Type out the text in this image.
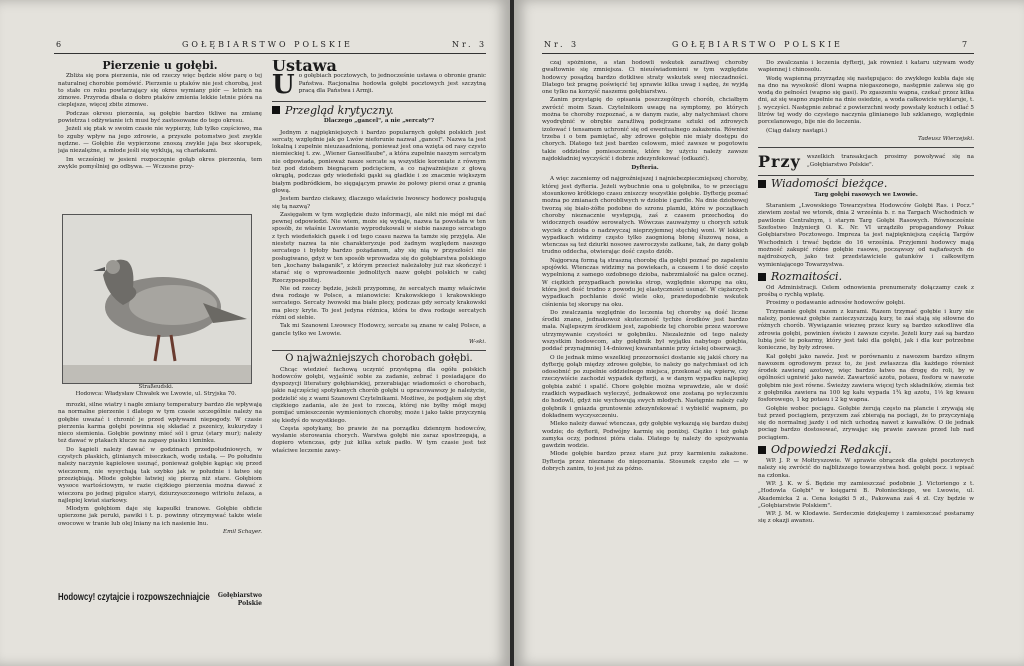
6	GOŁĘBIARSTWO POLSKIE	Nr. 3
Pierzenie u gołębi.

Zbliża się pora pierzenia, nie od rzeczy więc będzie słów parę o tej naturalnej chorobie pomówić. Pierzenie u ptaków nie jest chorobą, jest to stałe co roku powtarzający się okres wymiany piór — letnich na zimowe. Przyroda dbała o dobro ptaków zmienia lekkie letnie pióra na cieplejsze, więcej zbite zimowe.

Podczas okresu pierzenia, są gołębie bardzo tkliwe na zmianę powietrza i odżywianie ich musi być zastosowane do tego okresu.

Jeżeli się ptak w swoim czasie nie wypierzy, lub tylko częściowo, ma to zguby wpływ na jego zdrowie, a przyszłe potomstwo jest zwykle nędzne. — Gołębie źle wypierzone znoszą zwykle jaja bez skorupek, jaja niezalężne, a młode jeśli się wyklują, są charłakami.

Im wcześniej w jesieni rozpoczęnie gołąb okres pierzenia, tem zwykle pomyślniej go odbywa. — Wczesne przy-

Straßeudski.
Hodowca: Władysław Chwałek we Lwowie, ul. Stryjska 70.

mrozki, silne wiatry i nagłe zmiany temperatury bardzo źle wpływają na normalne pierzenie i dlatego w tym czasie szczególnie należy na gołębie uważać i chronić je przed wpływami niepogody. W czasie pierzenia karma gołębi powinna się składać z pszenicy, kukurydzy i nieco siemienia. Gołębie powinny mieć sól i gruz (stary mur); należy też dawać w ptakach klucze na zapasy piasku i kminku.

Do kąpieli należy dawać w godzinach przedpołudniowych, w czystych płaskich, glinianych miseczkach, wodę ustałą. — Po południu należy naczynie kąpielowe usunąć, ponieważ gołębie kąpiąc się przed wieczorem, nie wysychają tak szybko jak w południe i łatwo się przeziębiają. Młode gołębie łatwiej się pierzą niż stare. Gołębiom wysoce wartościowym, w razie ciężkiego pierzenia można dawać z wieczora po jednej pigułce staryi, dziurzyszczonego witriolu żelaza, a najlepiej kwiat siarkowy.

Młodym gołębiom daje się kapsułki tranowe. Gołębie obficie upierzone jak peruki, pawiki i t. p. powinny otrzymywać także wiele owocowe w tranie lub olej lniany na ich nasienie lnu.

Emil Schayer.
Hodowcy! czytajcie i rozpowszechniajcie	Gołębiarstwo
Polskie
Ustawa
U o gołębiach pocztowych, to jednocześnie ustawa o obronie granic Państwa. Racjonalna hodowla gołębi pocztowych jest szczytną pracą dla Państwa i Armji.
Przegląd krytyczny.
Dlaczego „gancel", a nie „sercaty"?

Jednym z najpiękniejszych i bardzo popularnych gołębi polskich jest sercaty, względnie jak go Lwów nieforunie nazwał „gancel". Nazwa ta jest lokalną i zupełnie nieuzasadnioną, ponieważ jest ona wzięta od rasy czysto niemieckiej t. zw. „Wiener Ganselfaube", a która zupełnie naszym sercatym nie odpowiada, ponieważ nasze sercate są wszystkie koroniate z równym też pod dziobem biegnącem podcięciem, a co najważniejsze z głową okrągłą, podczas gdy wiedeński gąski są gładkie i ze znacznie większym białym podbródkiem, bo sięgającym prawie że połowy piersi oraz z granią głową.

Jestem bardzo ciekawy, dlaczego właściwie lwowscy hodowcy posługują się tą nazwą?

Zasięgałem w tym względzie dużo informacji, ale nikt nie mógł mi dać pewnej odpowiedzi. Nie wiem, może się wydaje, nazwa ta powstała w ten sposób, że właśnie Lwowianie wyprodukowali w siebie naszego sercatego z tych wiedeńskich gąsek i od tego czasu nazwa ta tamże się przyjęła. Ale niestety nazwa ta nie charakteryzuje pod żadnym względem naszego sercatego i byłoby bardzo pożądanem, aby się nią w przyszłości nie posługiwano, gdyż w ten sposób wprowadza się do gołębiarstwa polskiego ten „kochany bałaganik", z którym przecież należałoby już raz skończyć i starać się o wprowadzenie jednolitych nazw gołębi polskich w całej Rzeczypospolitej.

Nie od rzeczy będzie, jeżeli przypomnę, że sercatych mamy właściwie dwa rodzaje w Polsce, a mianowicie: Krakowskiego i krakowskiego sercatego. Sercaty lwowski ma białe plecy, podczas gdy sercaty krakowski ma plecy kryte. To jest jedyna różnica, która te dwa rodzaje sercatych różni od siebie.

Tak mi Szanowni Lwowscy Hodowcy, sercate są znane w całej Polsce, a gancle tylko we Lwowie.

W-ski.
O najważniejszych chorobach gołębi.

Chcąc wiedzieć fachową uczynić przystępną dla ogółu polskich hodowców gołębi, wyjaśnić sobie za zadanie, zebrać i posiadające do dyspozycji literatury gołębiarskiej, przerabiając wiadomości o chorobach, jakie najczęściej spotykanych chorób gołębi u opracowawszy je należycie, podzielić się z wami Szanowni Czytelnikami. Możliwe, że podjąłem się zbyt ciężkiego zadania, ale że jest to rzeczą, której nie byłby mógł mojej pomijać umieszczenie wymienionych choroby, może i jako takie przyczynią się kiedyś do wszystkiego.

Częsta spotykany, bo prawie że na porządku dziennym hodowców, wysłanie sterowania chorych. Warstwa gołębi nie zaraz spostrzegają, a dopiero wtenczas, gdy już kilka sztuk padło. W tym czasie jest też właściwe leczenie zawy-

Nr. 3	GOŁĘBIARSTWO POLSKIE	7

czaj spóźnione, a stan hodowli wskutek zaraźliwej choroby gwałtownie się zmniejsza. Ci nieuświadomieni w tym względzie hodowcy posądzą bardzo dotkliwe straty wskutek swej nieczadności. Dlatego też pragnę poświęcić tej sprawie kilka uwag i sądzę, że wyjdą one tylko na korzyść naszemu gołębiarstwu.

Zanim przystąpię do opisania poszczególnych chorób, chciałbym zwrócić moim Szan. Czytelnikom uwagę na symptomy, po których można te choroby rozpoznać, a w danym razie, aby natychmiast chore wyodrębnić w obrębie zaraźliwą podejrzane sztuki od zdrowych izolować i tensamem uchronić się od ewentualnego zakażenia. Również trzeba i o tem pamiętać, aby zdrowe gołębie nie miały dostępu do chorych. Dlatego też jest bardzo celowem, mieć zawsze w pogotowiu takie oddzielne pomieszczenie, które by użyciu należy zawsze najdokładniej wyczyścić i dobrze zdezynfekować (odkazić).

Dyfteria.

A więc zaczniemy od najgroźniejszej i najniebezpieczniejszej choroby, której jest dyfteria. Jeżeli wybuchnie ona u gołębnika, to w przeciągu stosunkowo krótkiego czasu zniszczy wszystkie gołębie. Dyfterję poznać można po zmianach chorobliwych w dziobie i gardle. Na dnie dziobowej tworzą się biało-żółte podobne do szronu plamki, które w początkach choroby nieznacznie występują, zaś z czasem przechodzą do widocznych osadów serowatych. Wówczas zauważymy u chorych sztuk wyciek z dzioba o nadzwyczaj nieprzyjemnej stęchłej woni. W lekkich wypadkach widzimy często tylko zaognioną błonę śluzową nosa, a wtenczas są też dziurki nosowe zawroczyste zatkane, tak, że dany gołąb trudno oddecha, otwierając dość często dziób.

Najgorszą formą tą straszną chorobę dla gołębi poznać po zapaleniu spojówki. Wtenczas widzimy na powiekach, a czasem i to dość często wypełnioną z samego ozdobnego dzioba, nabrzmiałość na gałce ocznej. W ciężkich przypadkach powieka strop, względnie skorupę na oku, która jest dość trudno z powodu jej elastyczności usunąć. W ciężarzych wypadkach pochłanie dość wiele oko, prawdopodobnie wskutek ciśnienia tej skorupy na oku.

Do zwalczania względnie do leczenia tej choroby są dość liczne środki znane, jednakowoż skuteczność tychże środków jest bardzo mała. Najlepszym środkiem jest, zapobiedz tej chorobie przez wzorowe utrzymywanie czystości w gołębniku. Niezależnie od tego należy wszystkim hodowcom, aby gołębnik był wyjątku nabytego gołębia, poddać przynajmniej 14-dniowej kwarantannie przy ścisłej obserwacji.

O ile jednak mimo wszelkiej przezorności dostanie się jakiś chory na dyfterję gołąb między zdrowe gołębie, to należy go natychmiast od ich odosobnić po zupełnie oddzielnego miejsca, przekonać się wpierw, czy rzeczywiście zachodzi wypadek dyfterji, a w danym wypadku najlepiej gołębia zabić i spalić. Chore gołębie można wprawdzie, ale w dość rzadkich wypadkach wyleczyć, jednakowoż one zostaną po wyleczeniu do hodowli, gdyż nie wychowują swych młodych. Następnie należy cały gołębnik i gniazda gruntownie zdezynfekować i wybielić wapnem, po dokładnem wyczyszczeniu.

Mleko należy dawać wtenczas, gdy gołębie wykazują się bardzo dużej wodzie; do dyfterii, Podwójny karmię się poniżej. Ciężko i też gołąb zamyka oczy, podnosi pióra ciała. Dlatego tę należy do spożywania gawdzin wodzie.

Młode gołębie bardzo przez stare już przy karmieniu zakażone. Dyfterja przez nieznane do niepoznania. Stosunek często złe — w dobrych zanim, to jest już za późno.

Do zwalczania i leczenia dyfterji, jak również i kataru używam wody wapiennej i chinosolu.

Wodę wapienną przyrządzę się następująco: do zwykłego kubła daje się na dno na wysokość dłoni wapna niegaszonego, następnie zalewa się go wodą do pełności (wapno się gasi). Po zgaszeniu wapna, czekać przez kilka dni, aż się wapno zupełnie na dnie osiedzie, a woda całkowicie wyklaruje, t. j. wyczyści. Następnie zebrać z powierzchni wody powstały kożuch i odlać 5 litrów tej wody do czystego naczynia glinianego lub szklanego, względnie porcelanowego, bije nie do leczenia.

(Ciąg dalszy nastąpi.)

Tadeusz Wierzejski.
Przy wszelkich transakcjach prosimy powoływać się na „Gołębiarstwo Polskie".
Wiadomości bieżące.
Targ gołębi rasowych we Lwowie.

Staraniem „Lwowskiego Towarzystwa Hodowców Gołębi Ras. i Pocz." ziewiem został we wtorek, dnia 2 września b. r. na Targach Wschodnich w pawilonie Centralnym, i starym Targ Gołębi Rasowych. Równocześnie Szefostwo Inżynierji O. K. Nr. VI urządziło propagandowy Pokaz Gołębiarstwo Pocztowego. Impreza ta jest najpiękniejszą częścią Targów Wschodnich i trwać będzie do 16 września. Przyjemni hodowcy mają możność zakupić różne gołębie rasowe, począwszy od najtańszych do najdroższych, jako też przedstawiciele gatunków i całkowitym wymieniającego Towarzystwa.

Rozmaitości.

Od Administracji. Celem odnowienia prenumeraty dołączamy czek z prośbą o rychłą wpłatę.

Prosimy o podawanie adresów hodowców gołębi.

Trzymanie gołębi razem z kurami. Razem trzymać gołębie i kury nie należy, ponieważ gołębie zanieczyszczają kury, te zaś stają się siłowne do różnych chorób. Wywiązanie wiezwę przez kury są bardzo szkodliwe dla zdrowia gołębi, powinien świeżo i zawsze czyste. Jeżeli kury zaś są bardzo lubią jeść te pokarmy, który jest taki dla gołębi, jak i dla kur potrzebne konieczne, by były zdrowe.

Kał gołębi jako nawóz. Jest w porównaniu z nawozem bardzo silnym nawozem ogrodowym przez to, że jest zwłaszcza dla każdego również środek zawieraj azotowy, więc bardzo łatwo na drogę do roli, by w ogólności ugniwić jako nawóz. Zawartość azotu, potasu, fosforu w nawozie gołębim nie jest równe. Świeżzy zawiera więcej tych składników, ziemia też z gołębnika zawiera na 100 kg kału wypada 1¾ kg azotu, 1⅓ kg kwasu fosforowego, 1 kg potasu i 2 kg wapna.

Gołębie wobec pociągu. Gołębie żerują często na plancie i zrywają się tuż przed pociągiem, przyczem zaś zbierają na pociągi, że to przyczyniają się do normalnej jazdy i od nich uchodzą nawet z kawałków. O ile jednak pociąg bardzo dostosować, zrywając się prawie zawsze przed lub nad pociągiem.

Odpowiedzi Redakcji.

WP. J. P. w Mołtryszowie. W sprawie obrączek dla gołębi pocztowych należy się zwrócić do najbliższego towarzystwa hod. gołębi pocz. i wpisać na członka.

WP. J. K. w Ś. Będzie my zamieszczać podobnie J. Victoriengo z t. „Hodowla Gołębi" w księgarni B. Połonieckiego, we Lwowie, ul. Akademicka 2 a. Cena książki 5 zł., Pakowana zaś 4 zł. Czy będzie w „Gołębiarstwie Polskiem".

WP. J. M. w Kłodawie. Serdecznie dziękujemy i zamieszczać postaramy się z okazji awansu.
